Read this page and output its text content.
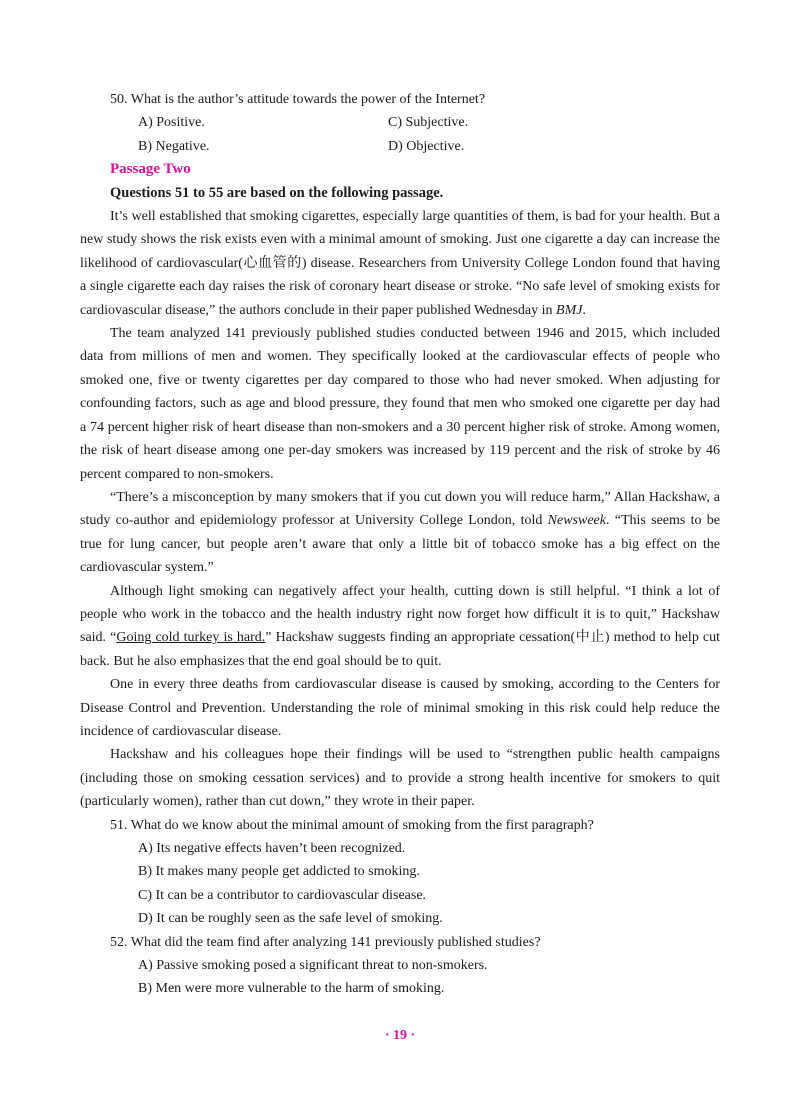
50. What is the author’s attitude towards the power of the Internet?
A) Positive.	C) Subjective.
B) Negative.	D) Objective.
Passage Two
Questions 51 to 55 are based on the following passage.

It’s well established that smoking cigarettes, especially large quantities of them, is bad for your health. But a new study shows the risk exists even with a minimal amount of smoking. Just one cigarette a day can increase the likelihood of cardiovascular(心血管的) disease. Researchers from University College London found that having a single cigarette each day raises the risk of coronary heart disease or stroke. “No safe level of smoking exists for cardiovascular disease,” the authors conclude in their paper published Wednesday in BMJ.

The team analyzed 141 previously published studies conducted between 1946 and 2015, which included data from millions of men and women. They specifically looked at the cardiovascular effects of people who smoked one, five or twenty cigarettes per day compared to those who had never smoked. When adjusting for confounding factors, such as age and blood pressure, they found that men who smoked one cigarette per day had a 74 percent higher risk of heart disease than non-smokers and a 30 percent higher risk of stroke. Among women, the risk of heart disease among one per-day smokers was increased by 119 percent and the risk of stroke by 46 percent compared to non-smokers.

“There’s a misconception by many smokers that if you cut down you will reduce harm,” Allan Hackshaw, a study co-author and epidemiology professor at University College London, told Newsweek. “This seems to be true for lung cancer, but people aren’t aware that only a little bit of tobacco smoke has a big effect on the cardiovascular system.”

Although light smoking can negatively affect your health, cutting down is still helpful. “I think a lot of people who work in the tobacco and the health industry right now forget how difficult it is to quit,” Hackshaw said. “Going cold turkey is hard.” Hackshaw suggests finding an appropriate cessation(中止) method to help cut back. But he also emphasizes that the end goal should be to quit.

One in every three deaths from cardiovascular disease is caused by smoking, according to the Centers for Disease Control and Prevention. Understanding the role of minimal smoking in this risk could help reduce the incidence of cardiovascular disease.

Hackshaw and his colleagues hope their findings will be used to “strengthen public health campaigns (including those on smoking cessation services) and to provide a strong health incentive for smokers to quit (particularly women), rather than cut down,” they wrote in their paper.

51. What do we know about the minimal amount of smoking from the first paragraph?
A) Its negative effects haven’t been recognized.
B) It makes many people get addicted to smoking.
C) It can be a contributor to cardiovascular disease.
D) It can be roughly seen as the safe level of smoking.
52. What did the team find after analyzing 141 previously published studies?
A) Passive smoking posed a significant threat to non-smokers.
B) Men were more vulnerable to the harm of smoking.
· 19 ·
